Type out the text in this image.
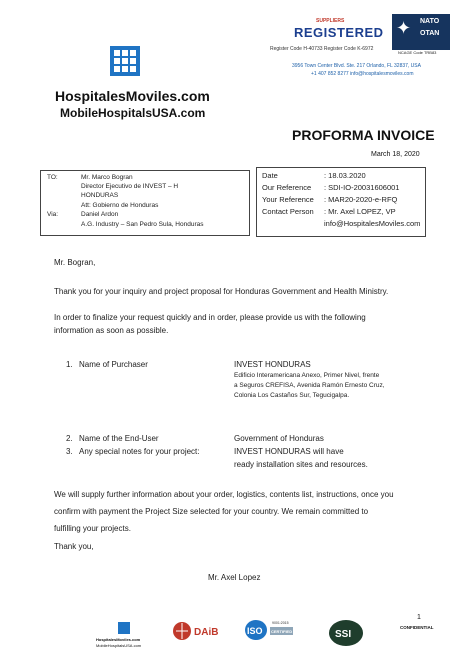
HospitalesMoviles.com
MobileHospitalsUSA.com
SUPPLIERS
REGISTERED
Register Code H-40733 Register Code K-6972
✦ NATO
OTAN
NCAGE Code TRB83
3956 Town Center Blvd. Ste. 217 Orlando, FL 32837, USA
+1 407 852 8277 info@hospitalesmoviles.com
PROFORMA INVOICE
March 18, 2020
TO:	Mr. Marco Bogran
Director Ejecutivo de INVEST – H
HONDURAS
Att: Gobierno de Honduras
Via:	Daniel Ardon
A.G. Industry – San Pedro Sula, Honduras
Date	: 18.03.2020
Our Reference : SDI-IO-20031606001
Your Reference : MAR20-2020-e-RFQ
Contact Person : Mr. Axel LOPEZ, VP
info@HospitalesMoviles.com
Mr. Bogran,
Thank you for your inquiry and project proposal for Honduras Government and Health Ministry.
In order to finalize your request quickly and in order, please provide us with the following
information as soon as possible.
1. Name of Purchaser	INVEST HONDURAS
Edificio Interamericana Anexo, Primer Nivel, frente
a Seguros CREFISA, Avenida Ramón Ernesto Cruz,
Colonia Los Castaños Sur, Tegucigalpa.
2. Name of the End-User	Government of Honduras
3. Any special notes for your project:	INVEST HONDURAS will have
ready installation sites and resources.
We will supply further information about your order, logistics, contents list, instructions, once you
confirm with payment the Project Size selected for your country. We remain committed to
fulfilling your projects.
Thank you,
Mr. Axel Lopez
1
CONFIDENTIAL
HospitalesMoviles.com
MobileHospitalsUSA.com
DAiB	ISO
9001:2015
CERTIFIED	SSI
